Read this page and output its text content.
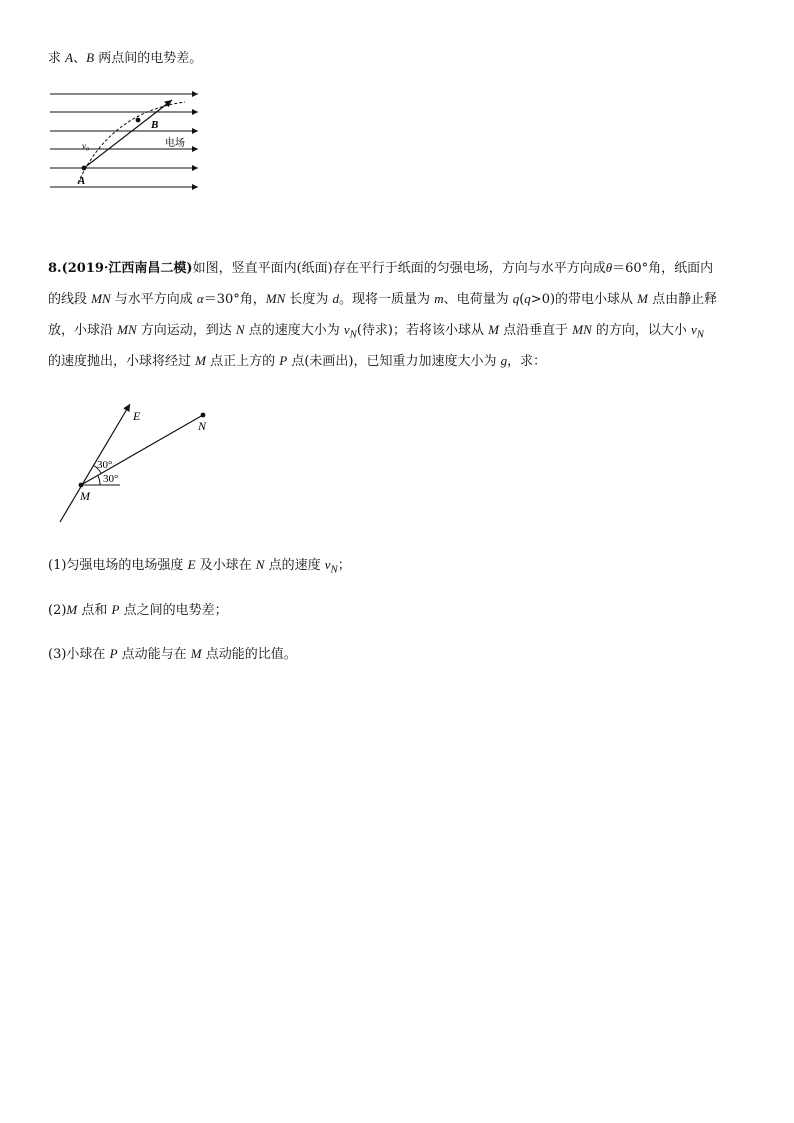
求 A、B 两点间的电势差。
B
A
v₀	电场
8.(2019·江西南昌二模)如图，竖直平面内(纸面)存在平行于纸面的匀强电场，方向与水平方向成θ＝60°角，纸面内
的线段 MN 与水平方向成 α＝30°角，MN 长度为 d。现将一质量为 m、电荷量为 q(q>0)的带电小球从 M 点由静止释
放，小球沿 MN 方向运动，到达 N 点的速度大小为 $v_N$(待求)；若将该小球从 M 点沿垂直于 MN 的方向，以大小 $v_N$
的速度抛出，小球将经过 M 点正上方的 P 点(未画出)，已知重力加速度大小为 g，求：
E
N
M
30°
30°
(1)匀强电场的电场强度 E 及小球在 N 点的速度 $v_N$；
(2)M 点和 P 点之间的电势差；
(3)小球在 P 点动能与在 M 点动能的比值。
